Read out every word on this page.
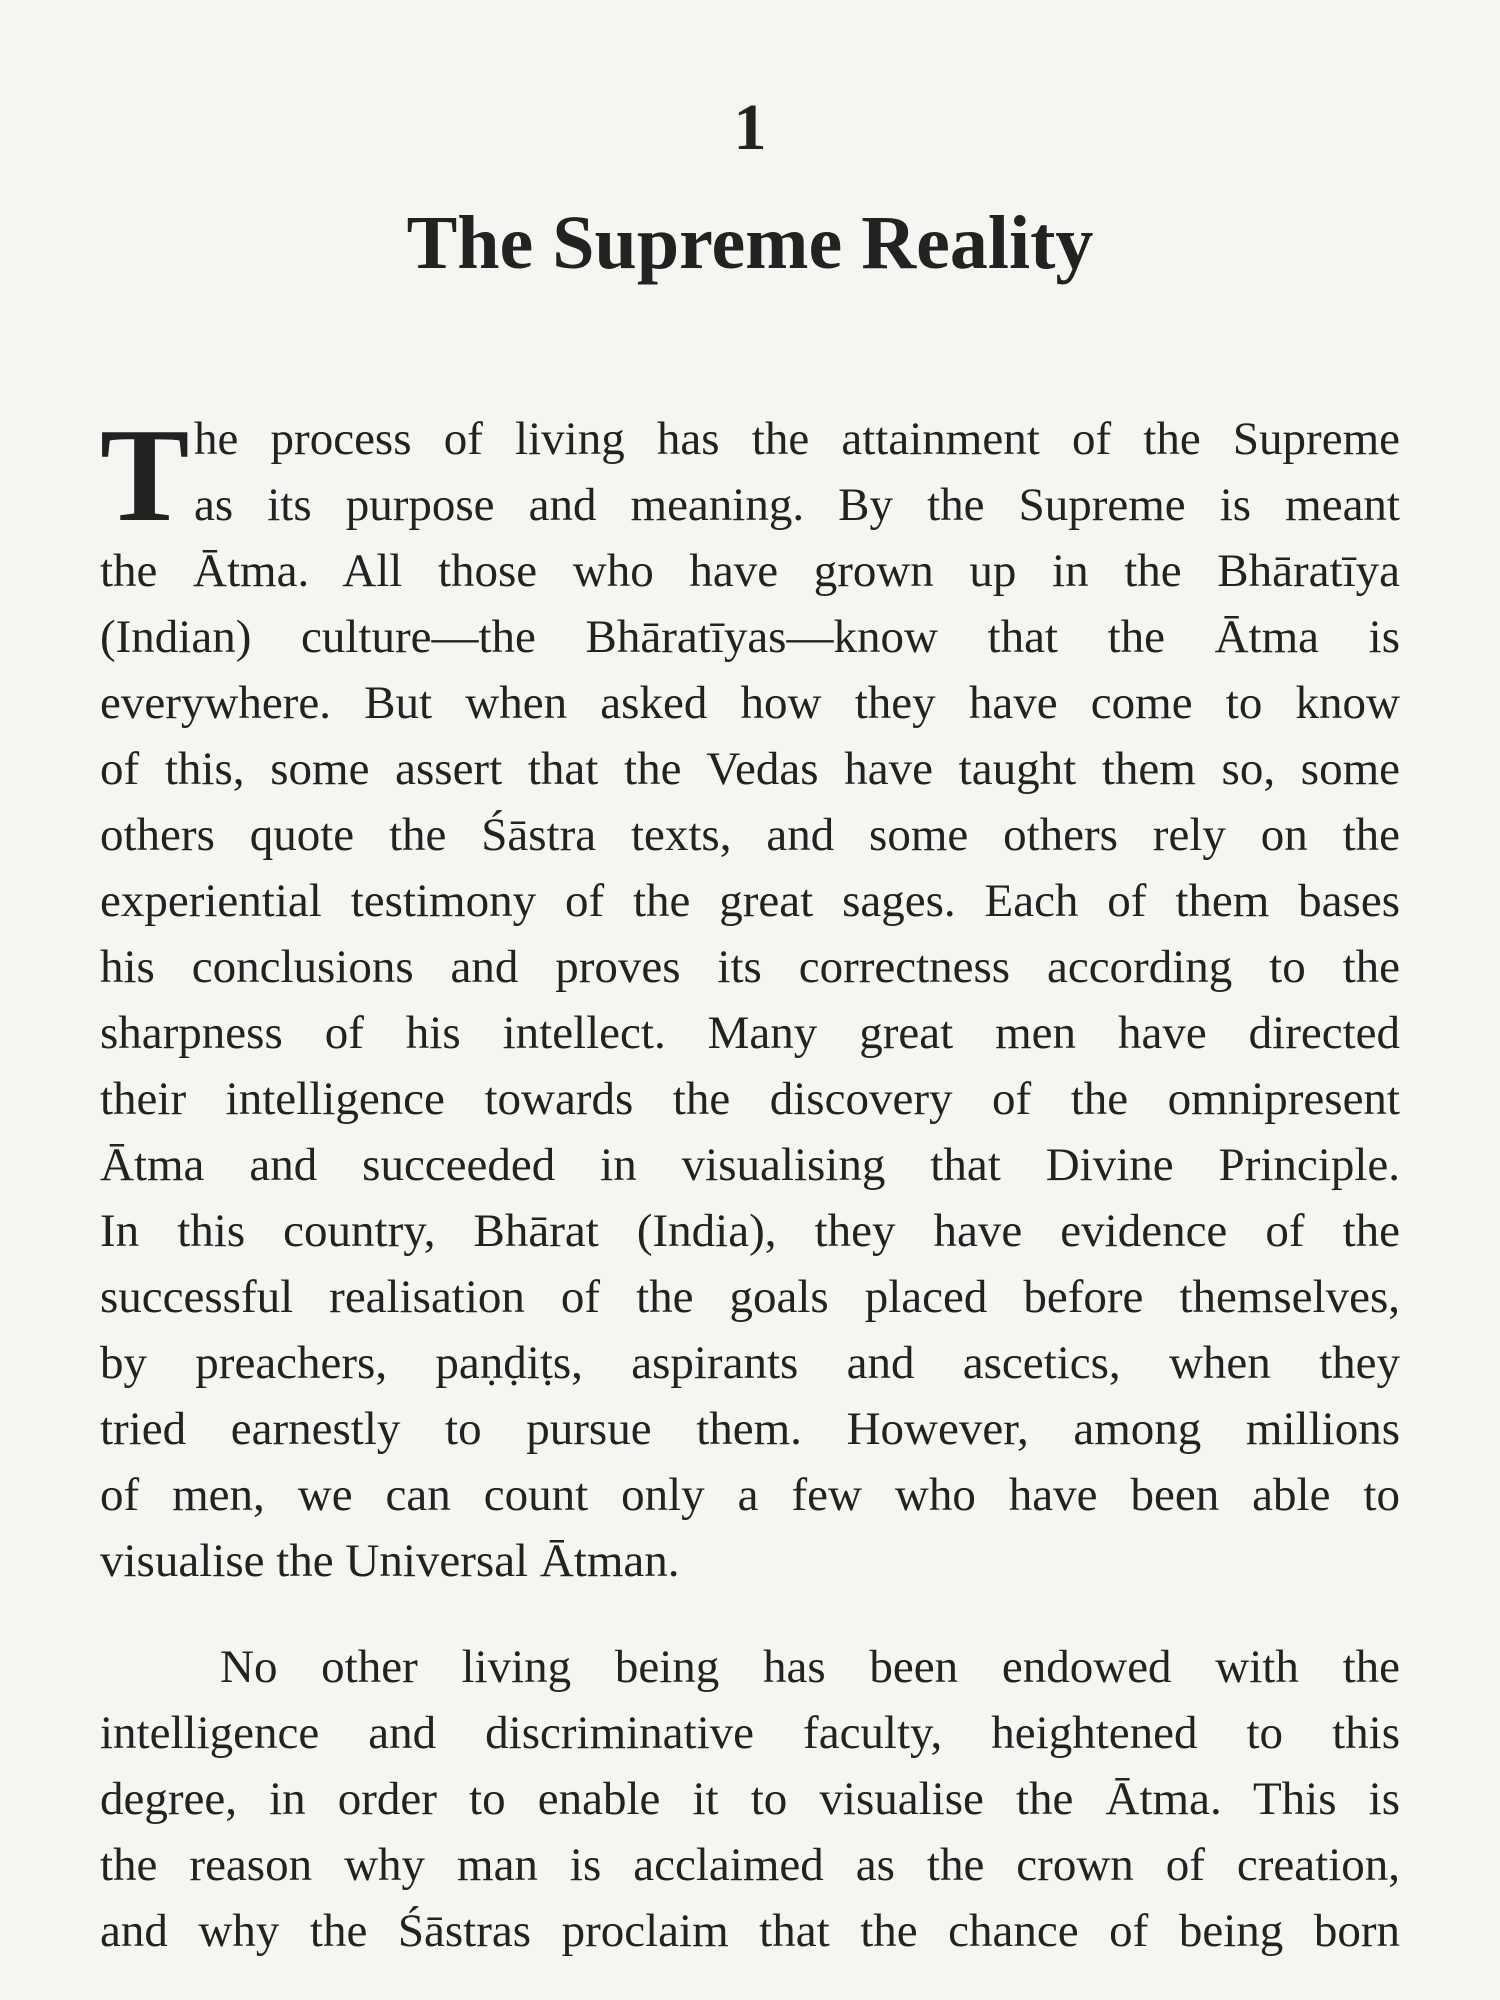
1
The Supreme Reality
T he process of living has the attainment of the Supreme
as its purpose and meaning. By the Supreme is meant
the Ātma. All those who have grown up in the Bhāratīya
(Indian) culture—the Bhāratīyas—know that the Ātma is
everywhere. But when asked how they have come to know
of this, some assert that the Vedas have taught them so, some
others quote the Śāstra texts, and some others rely on the
experiential testimony of the great sages. Each of them bases
his conclusions and proves its correctness according to the
sharpness of his intellect. Many great men have directed
their intelligence towards the discovery of the omnipresent
Ātma and succeeded in visualising that Divine Principle.
In this country, Bhārat (India), they have evidence of the
successful realisation of the goals placed before themselves,
by preachers, paṇḍiṭs, aspirants and ascetics, when they
tried earnestly to pursue them. However, among millions
of men, we can count only a few who have been able to
visualise the Universal Ātman.
No other living being has been endowed with the
intelligence and discriminative faculty, heightened to this
degree, in order to enable it to visualise the Ātma. This is
the reason why man is acclaimed as the crown of creation,
and why the Śāstras proclaim that the chance of being born
